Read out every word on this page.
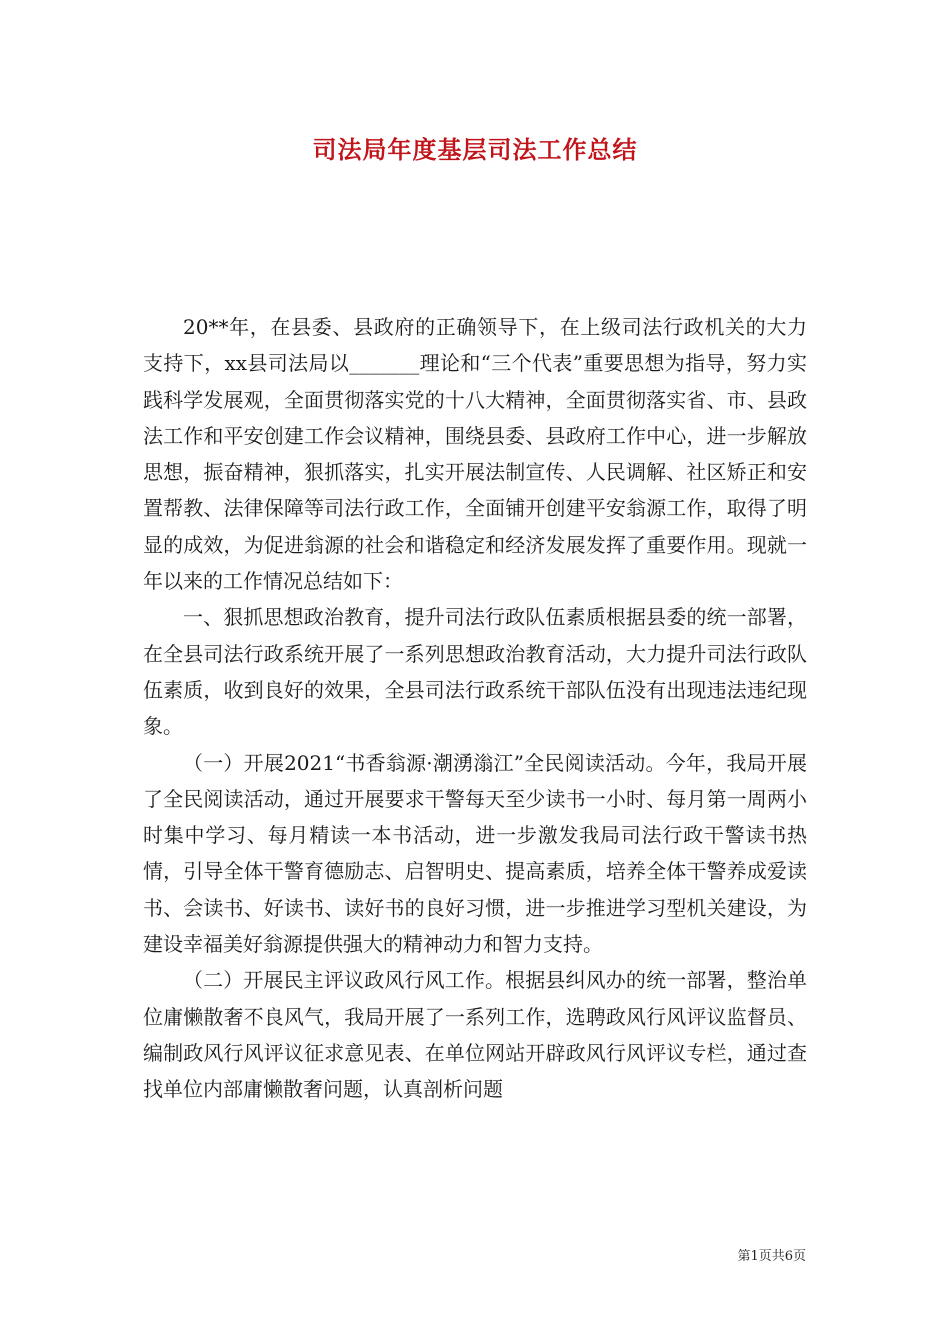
司法局年度基层司法工作总结

20**年，在县委、县政府的正确领导下，在上级司法行政机关的大力支持下，xx县司法局以_______理论和“三个代表”重要思想为指导，努力实践科学发展观，全面贯彻落实党的十八大精神，全面贯彻落实省、市、县政法工作和平安创建工作会议精神，围绕县委、县政府工作中心，进一步解放思想，振奋精神，狠抓落实，扎实开展法制宣传、人民调解、社区矫正和安置帮教、法律保障等司法行政工作，全面铺开创建平安翁源工作，取得了明显的成效，为促进翁源的社会和谐稳定和经济发展发挥了重要作用。现就一年以来的工作情况总结如下：

一、狠抓思想政治教育，提升司法行政队伍素质根据县委的统一部署，在全县司法行政系统开展了一系列思想政治教育活动，大力提升司法行政队伍素质，收到良好的效果，全县司法行政系统干部队伍没有出现违法违纪现象。

（一）开展2021“书香翁源·潮湧滃江”全民阅读活动。今年，我局开展了全民阅读活动，通过开展要求干警每天至少读书一小时、每月第一周两小时集中学习、每月精读一本书活动，进一步激发我局司法行政干警读书热情，引导全体干警育德励志、启智明史、提高素质，培养全体干警养成爱读书、会读书、好读书、读好书的良好习惯，进一步推进学习型机关建设，为建设幸福美好翁源提供强大的精神动力和智力支持。

（二）开展民主评议政风行风工作。根据县纠风办的统一部署，整治单位庸懒散奢不良风气，我局开展了一系列工作，选聘政风行风评议监督员、编制政风行风评议征求意见表、在单位网站开辟政风行风评议专栏，通过查找单位内部庸懒散奢问题，认真剖析问题

第1页共6页
